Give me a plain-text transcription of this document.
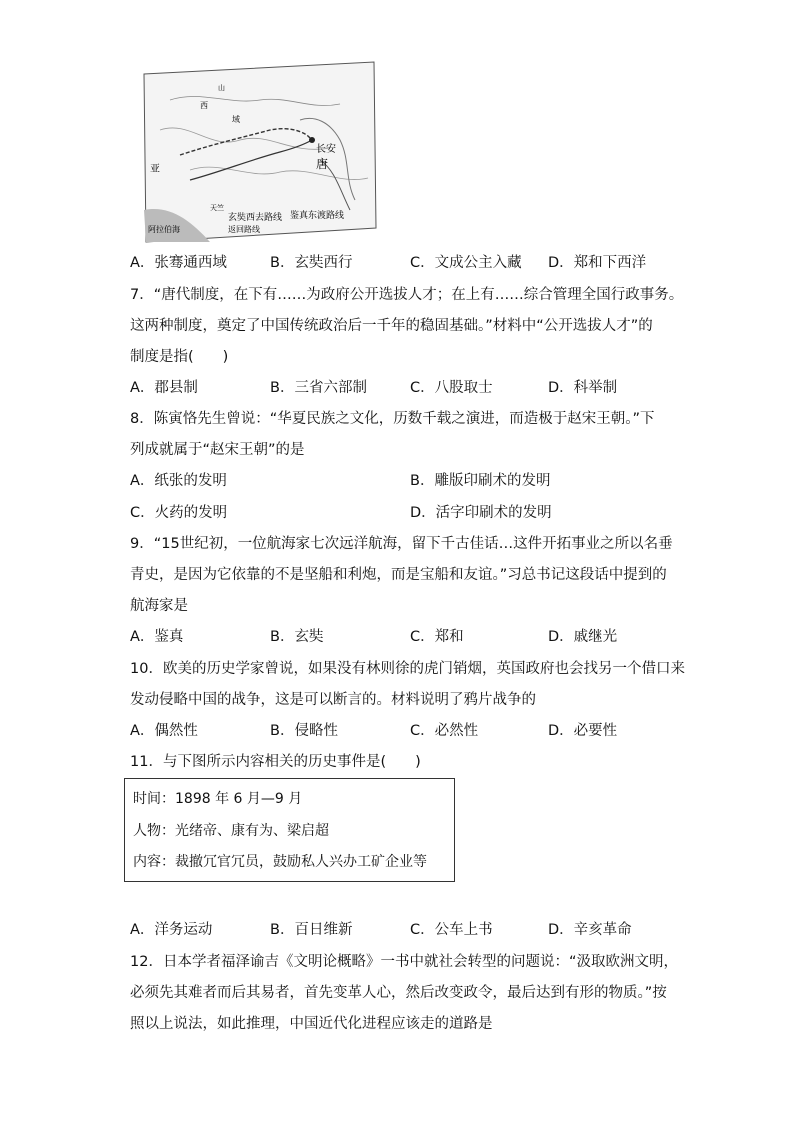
山
西
域
长安
唐
亚
天竺
阿拉伯海
玄奘西去路线
返回路线
鉴真东渡路线
A．张骞通西域	B．玄奘西行	C．文成公主入藏 D．郑和下西洋
7．“唐代制度，在下有……为政府公开选拔人才；在上有……综合管理全国行政事务。
这两种制度，奠定了中国传统政治后一千年的稳固基础。”材料中“公开选拔人才”的
制度是指(　　)
A．郡县制	B．三省六部制	C．八股取士	D．科举制
8．陈寅恪先生曾说：“华夏民族之文化，历数千载之演进，而造极于赵宋王朝。”下
列成就属于“赵宋王朝”的是
A．纸张的发明	B．雕版印刷术的发明
C．火药的发明	D．活字印刷术的发明
9．“15世纪初，一位航海家七次远洋航海，留下千古佳话…这件开拓事业之所以名垂
青史，是因为它依靠的不是坚船和利炮，而是宝船和友谊。”习总书记这段话中提到的
航海家是
A．鉴真	B．玄奘	C．郑和	D．戚继光
10．欧美的历史学家曾说，如果没有林则徐的虎门销烟，英国政府也会找另一个借口来
发动侵略中国的战争，这是可以断言的。材料说明了鸦片战争的
A．偶然性	B．侵略性	C．必然性	D．必要性
11．与下图所示内容相关的历史事件是(　　)
时间：1898 年 6 月—9 月
人物：光绪帝、康有为、梁启超
内容：裁撤冗官冗员，鼓励私人兴办工矿企业等
A．洋务运动	B．百日维新	C．公车上书	D．辛亥革命
12．日本学者福泽谕吉《文明论概略》一书中就社会转型的问题说：“汲取欧洲文明，
必须先其难者而后其易者，首先变革人心，然后改变政令，最后达到有形的物质。”按
照以上说法，如此推理，中国近代化进程应该走的道路是
